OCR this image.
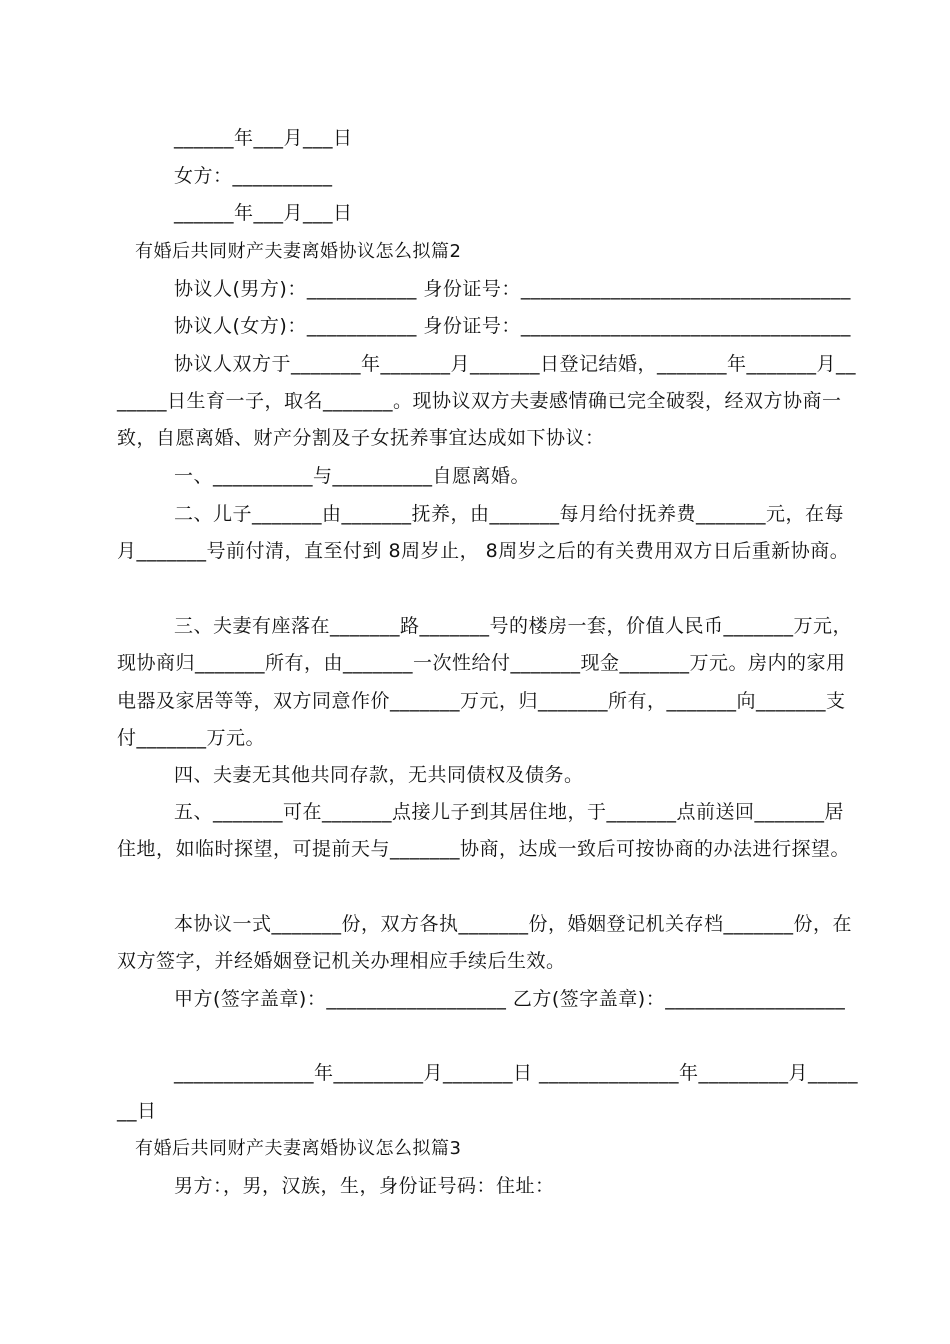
______年___月___日
女方：__________
______年___月___日
有婚后共同财产夫妻离婚协议怎么拟篇2
协议人(男方)：___________ 身份证号：_________________________________
协议人(女方)：___________ 身份证号：_________________________________
协议人双方于_______年_______月_______日登记结婚，_______年_______月__
_____日生育一子，取名_______。现协议双方夫妻感情确已完全破裂，经双方协商一
致，自愿离婚、财产分割及子女抚养事宜达成如下协议：
一、__________与__________自愿离婚。
二、儿子_______由_______抚养，由_______每月给付抚养费_______元，在每
月_______号前付清，直至付到 8周岁止， 8周岁之后的有关费用双方日后重新协商。
三、夫妻有座落在_______路_______号的楼房一套，价值人民币_______万元，
现协商归_______所有，由_______一次性给付_______现金_______万元。房内的家用
电器及家居等等，双方同意作价_______万元，归_______所有，_______向_______支
付_______万元。
四、夫妻无其他共同存款，无共同债权及债务。
五、_______可在_______点接儿子到其居住地，于_______点前送回_______居
住地，如临时探望，可提前天与_______协商，达成一致后可按协商的办法进行探望。
本协议一式_______份，双方各执_______份，婚姻登记机关存档_______份，在
双方签字，并经婚姻登记机关办理相应手续后生效。
甲方(签字盖章)：__________________ 乙方(签字盖章)：__________________
______________年_________月_______日 ______________年_________月_____
__日
有婚后共同财产夫妻离婚协议怎么拟篇3
男方：，男，汉族，生，身份证号码：住址：
